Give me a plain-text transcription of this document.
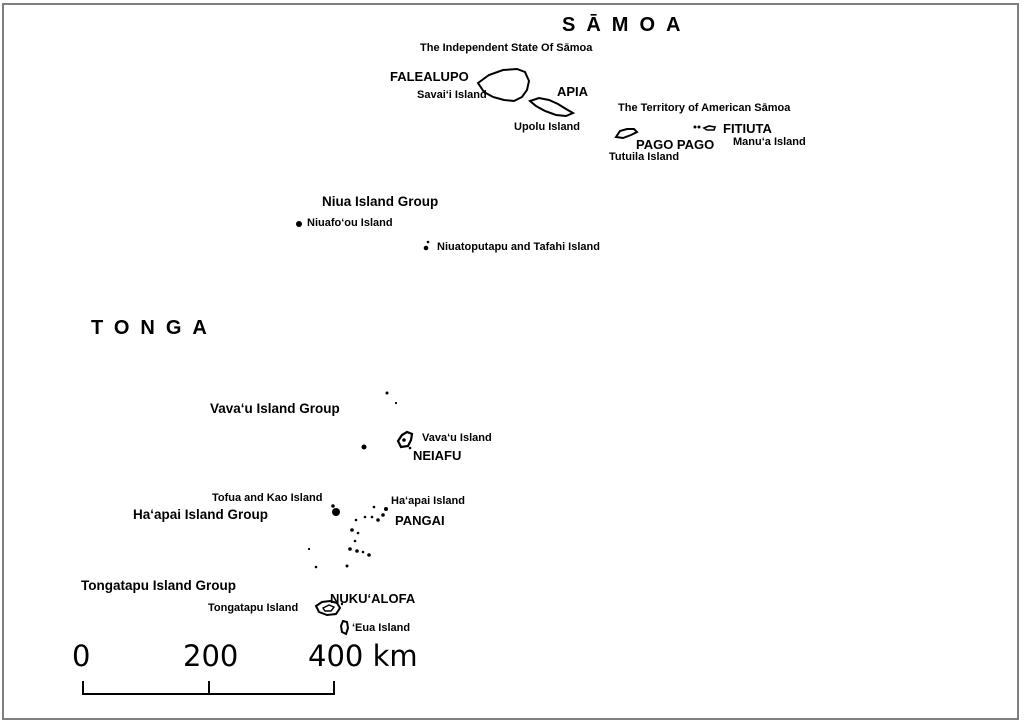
SĀMOA
TONGA
The Independent State Of Sāmoa
FALEALUPO
Savai‘i Island	APIA
Upolu Island
The Territory of American Sāmoa
FITIUTA
PAGO PAGO Manu‘a Island
Tutuila Island
Niua Island Group
Niuafo‘ou Island
Niuatoputapu and Tafahi Island
Vava‘u Island Group
Vava‘u Island
NEIAFU
Tofua and Kao Island	Ha‘apai Island
Ha‘apai Island Group	PANGAI
Tongatapu Island Group
NUKU‘ALOFA
Tongatapu Island
‘Eua Island
0	200 400 km
